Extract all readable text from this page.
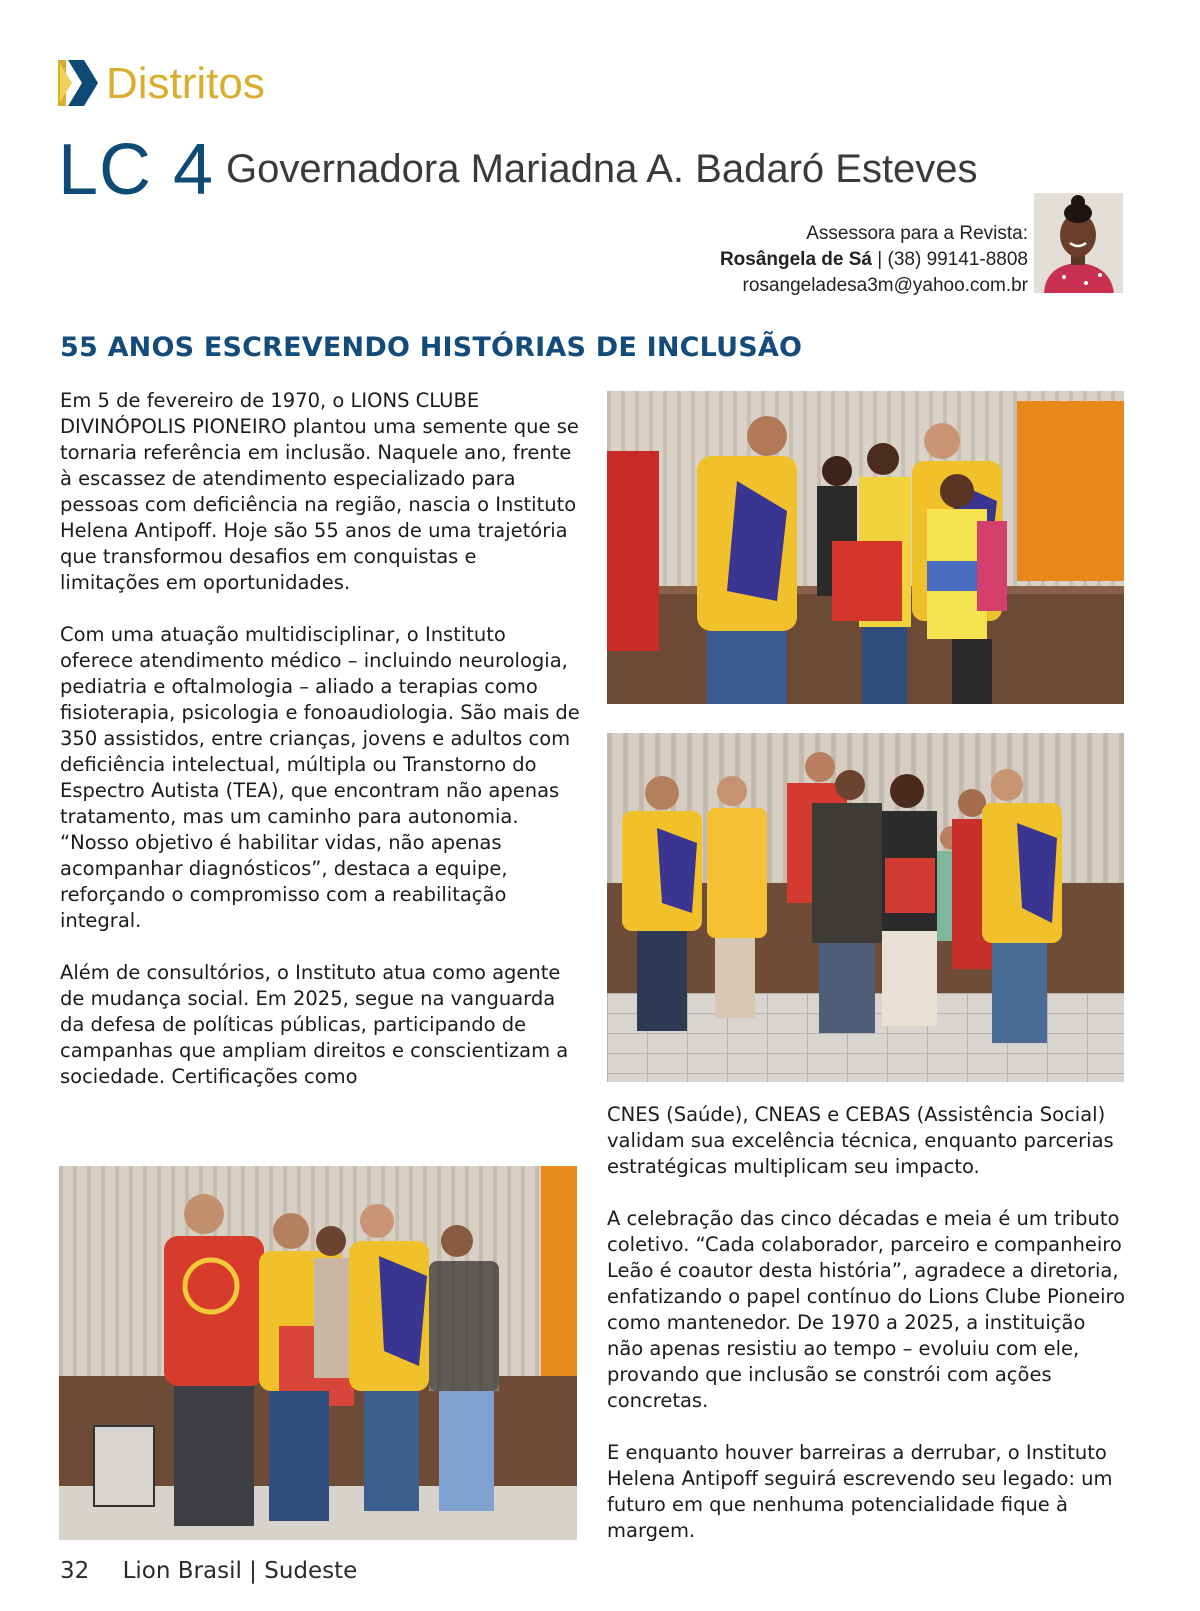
Distritos
LC 4 Governadora Mariadna A. Badaró Esteves
Assessora para a Revista:
Rosângela de Sá | (38) 99141-8808
rosangeladesa3m@yahoo.com.br
55 ANOS ESCREVENDO HISTÓRIAS DE INCLUSÃO

Em 5 de fevereiro de 1970, o LIONS CLUBE DIVINÓPOLIS PIONEIRO plantou uma semente que se tornaria referência em inclusão. Naquele ano, frente à escassez de atendimento especializado para pessoas com deficiência na região, nascia o Instituto Helena Antipoff. Hoje são 55 anos de uma trajetória que transformou desafios em conquistas e limitações em oportunidades.

Com uma atuação multidisciplinar, o Instituto oferece atendimento médico – incluindo neurologia, pediatria e oftalmologia – aliado a terapias como fisioterapia, psicologia e fonoaudiologia. São mais de 350 assistidos, entre crianças, jovens e adultos com deficiência intelectual, múltipla ou Transtorno do Espectro Autista (TEA), que encontram não apenas tratamento, mas um caminho para autonomia. “Nosso objetivo é habilitar vidas, não apenas acompanhar diagnósticos”, destaca a equipe, reforçando o compromisso com a reabilitação integral.

Além de consultórios, o Instituto atua como agente de mudança social. Em 2025, segue na vanguarda da defesa de políticas públicas, participando de campanhas que ampliam direitos e conscientizam a sociedade. Certificações como

CNES (Saúde), CNEAS e CEBAS (Assistência Social) validam sua excelência técnica, enquanto parcerias estratégicas multiplicam seu impacto.

A celebração das cinco décadas e meia é um tributo coletivo. “Cada colaborador, parceiro e companheiro Leão é coautor desta história”, agradece a diretoria, enfatizando o papel contínuo do Lions Clube Pioneiro como mantenedor. De 1970 a 2025, a instituição não apenas resistiu ao tempo – evoluiu com ele, provando que inclusão se constrói com ações concretas.

E enquanto houver barreiras a derrubar, o Instituto Helena Antipoff seguirá escrevendo seu legado: um futuro em que nenhuma potencialidade fique à margem.

32 Lion Brasil | Sudeste
